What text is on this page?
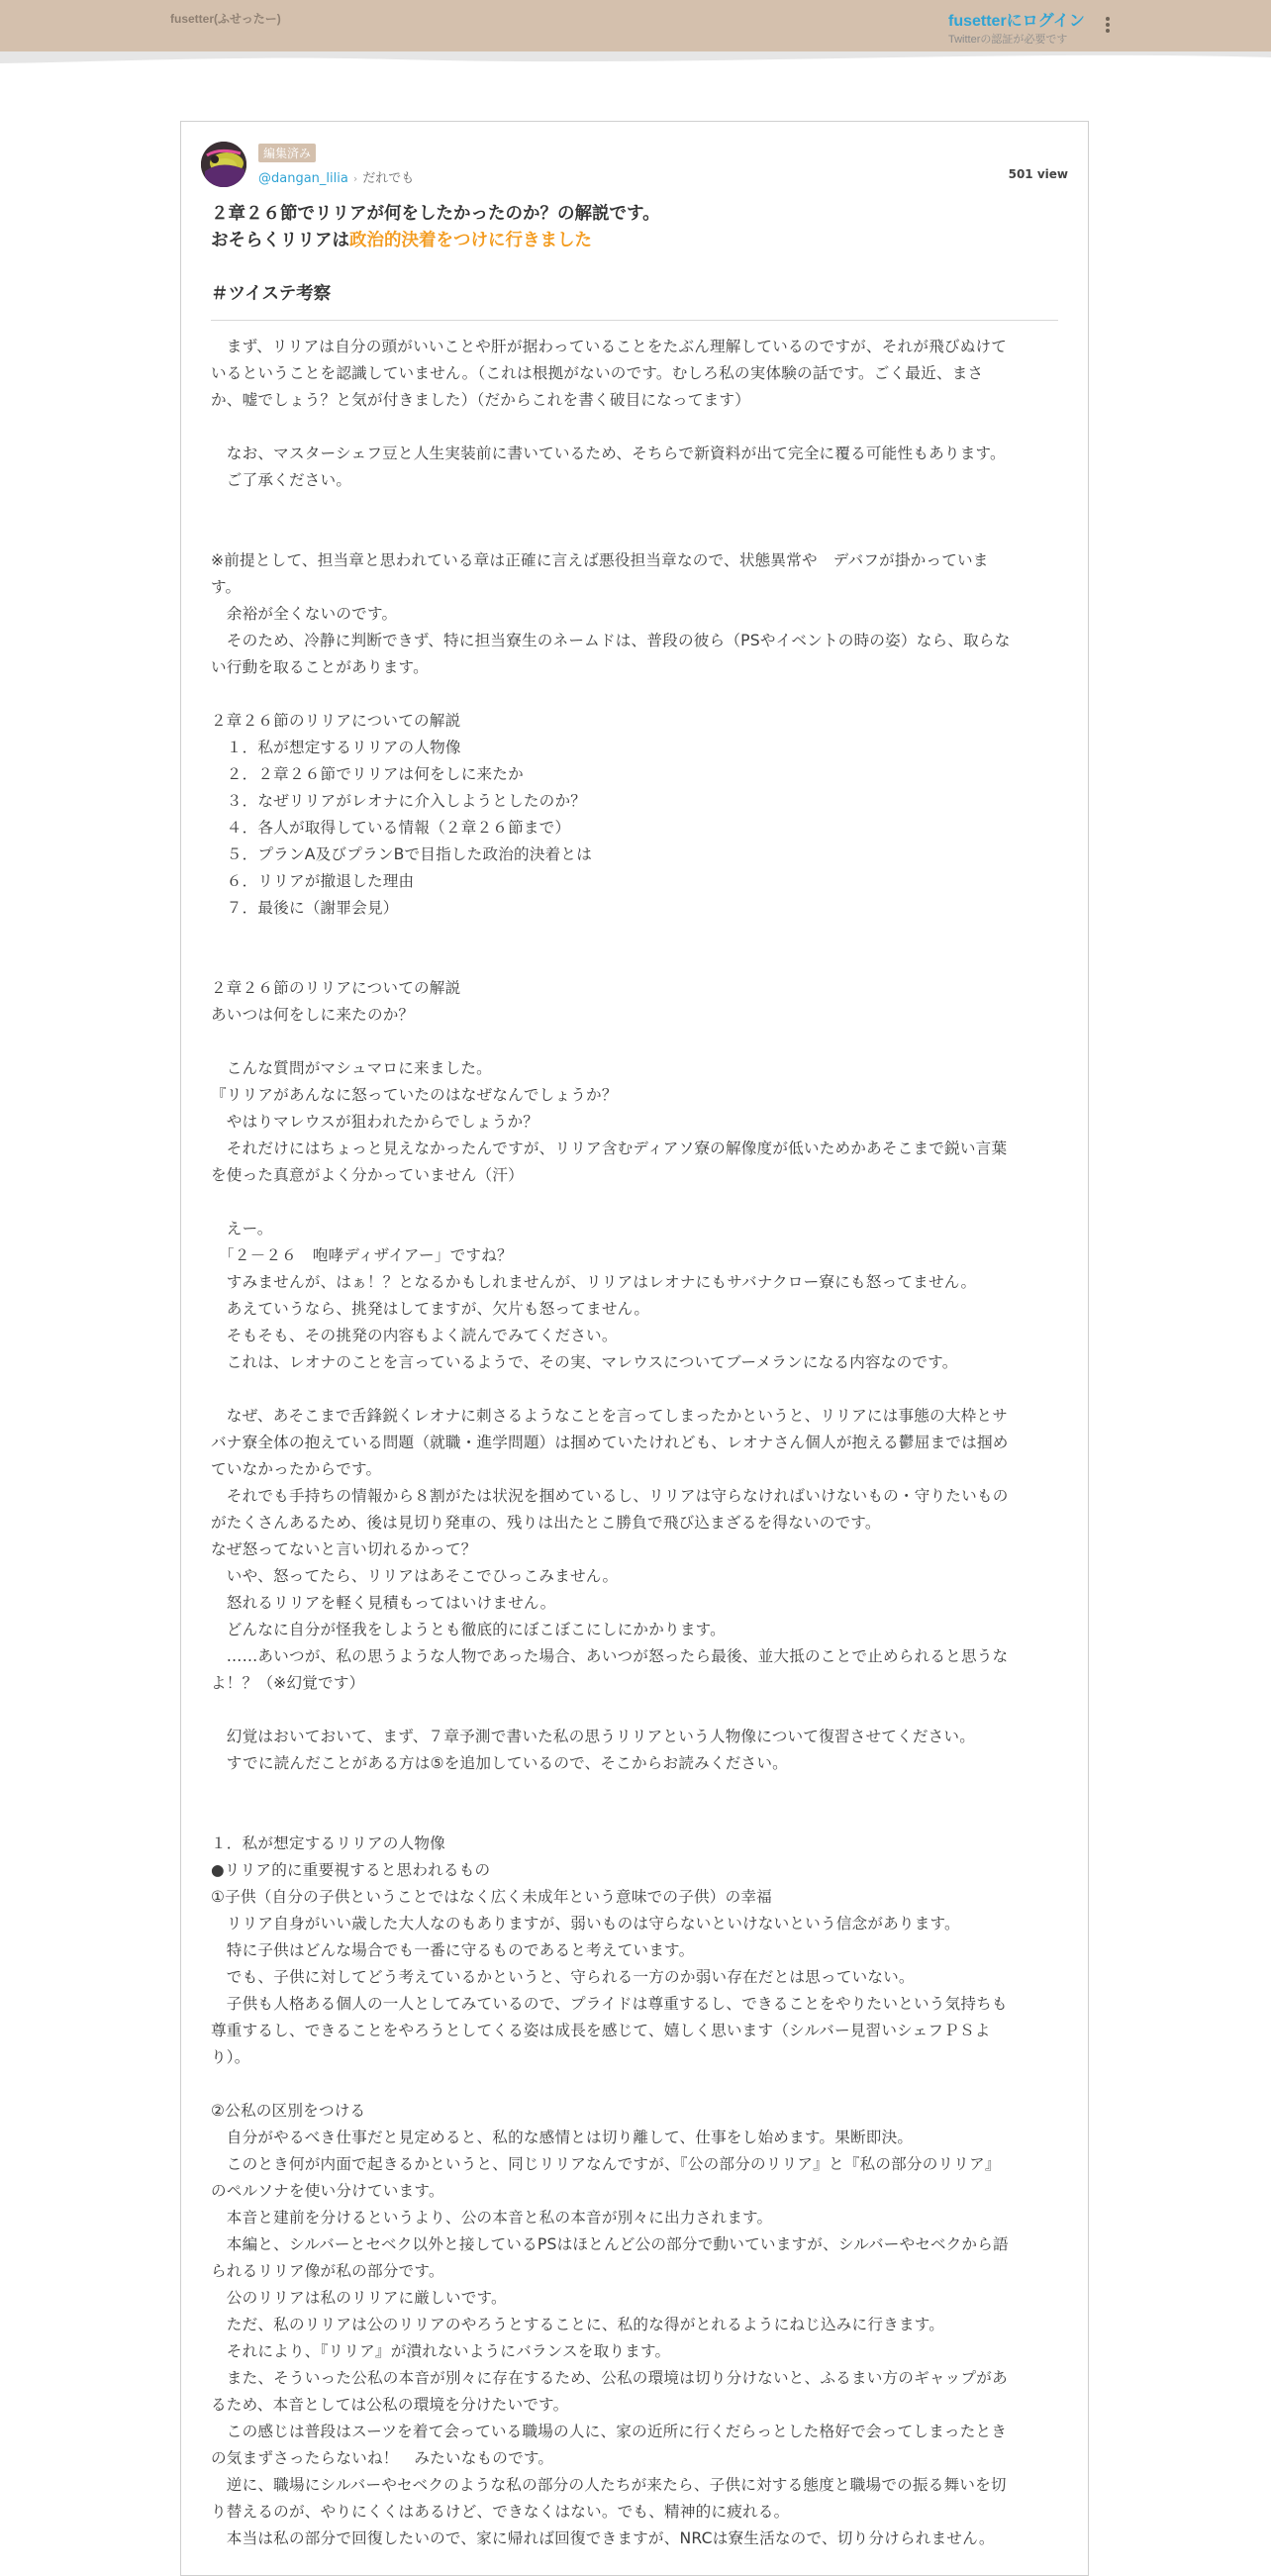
fusetter(ふせったー)	fusetterにログイン
Twitterの認証が必要です
編集済み
@dangan_lilia › だれでも	501 view
２章２６節でリリアが何をしたかったのか？の解説です。
おそらくリリアは政治的決着をつけに行きました
＃ツイステ考察
　まず、リリアは自分の頭がいいことや肝が据わっていることをたぶん理解しているのですが、それが飛びぬけて
いるということを認識していません。（これは根拠がないのです。むしろ私の実体験の話です。ごく最近、まさ
か、嘘でしょう？と気が付きました）（だからこれを書く破目になってます）
　なお、マスターシェフ豆と人生実装前に書いているため、そちらで新資料が出て完全に覆る可能性もあります。
　ご了承ください。
※前提として、担当章と思われている章は正確に言えば悪役担当章なので、状態異常や　デバフが掛かっていま
す。
　余裕が全くないのです。
　そのため、冷静に判断できず、特に担当寮生のネームドは、普段の彼ら（PSやイベントの時の姿）なら、取らな
い行動を取ることがあります。
２章２６節のリリアについての解説
　１．私が想定するリリアの人物像
　２．２章２６節でリリアは何をしに来たか
　３．なぜリリアがレオナに介入しようとしたのか？
　４．各人が取得している情報（２章２６節まで）
　５．プランA及びプランBで目指した政治的決着とは
　６．リリアが撤退した理由
　７．最後に（謝罪会見）
２章２６節のリリアについての解説
あいつは何をしに来たのか？
　こんな質問がマシュマロに来ました。
『リリアがあんなに怒っていたのはなぜなんでしょうか？
　やはりマレウスが狙われたからでしょうか？
　それだけにはちょっと見えなかったんですが、リリア含むディアソ寮の解像度が低いためかあそこまで鋭い言葉
を使った真意がよく分かっていません（汗）
　えー。
　「２－２６　咆哮ディザイアー」ですね？
　すみませんが、はぁ！？となるかもしれませんが、リリアはレオナにもサバナクロー寮にも怒ってません。
　あえていうなら、挑発はしてますが、欠片も怒ってません。
　そもそも、その挑発の内容もよく読んでみてください。
　これは、レオナのことを言っているようで、その実、マレウスについてブーメランになる内容なのです。
　なぜ、あそこまで舌鋒鋭くレオナに刺さるようなことを言ってしまったかというと、リリアには事態の大枠とサ
バナ寮全体の抱えている問題（就職・進学問題）は掴めていたけれども、レオナさん個人が抱える鬱屈までは掴め
ていなかったからです。
　それでも手持ちの情報から８割がたは状況を掴めているし、リリアは守らなければいけないもの・守りたいもの
がたくさんあるため、後は見切り発車の、残りは出たとこ勝負で飛び込まざるを得ないのです。
なぜ怒ってないと言い切れるかって？
　いや、怒ってたら、リリアはあそこでひっこみません。
　怒れるリリアを軽く見積もってはいけません。
　どんなに自分が怪我をしようとも徹底的にぼこぼこにしにかかります。
　……あいつが、私の思うような人物であった場合、あいつが怒ったら最後、並大抵のことで止められると思うな
よ！？（※幻覚です）
　幻覚はおいておいて、まず、７章予測で書いた私の思うリリアという人物像について復習させてください。
　すでに読んだことがある方は⑤を追加しているので、そこからお読みください。
１．私が想定するリリアの人物像
●リリア的に重要視すると思われるもの
①子供（自分の子供ということではなく広く未成年という意味での子供）の幸福
　リリア自身がいい歳した大人なのもありますが、弱いものは守らないといけないという信念があります。
　特に子供はどんな場合でも一番に守るものであると考えています。
　でも、子供に対してどう考えているかというと、守られる一方のか弱い存在だとは思っていない。
　子供も人格ある個人の一人としてみているので、プライドは尊重するし、できることをやりたいという気持ちも
尊重するし、できることをやろうとしてくる姿は成長を感じて、嬉しく思います（シルバー見習いシェフＰＳよ
り）。
②公私の区別をつける
　自分がやるべき仕事だと見定めると、私的な感情とは切り離して、仕事をし始めます。果断即決。
　このとき何が内面で起きるかというと、同じリリアなんですが、『公の部分のリリア』と『私の部分のリリア』
のペルソナを使い分けています。
　本音と建前を分けるというより、公の本音と私の本音が別々に出力されます。
　本編と、シルバーとセベク以外と接しているPSはほとんど公の部分で動いていますが、シルバーやセベクから語
られるリリア像が私の部分です。
　公のリリアは私のリリアに厳しいです。
　ただ、私のリリアは公のリリアのやろうとすることに、私的な得がとれるようにねじ込みに行きます。
　それにより、『リリア』が潰れないようにバランスを取ります。
　また、そういった公私の本音が別々に存在するため、公私の環境は切り分けないと、ふるまい方のギャップがあ
るため、本音としては公私の環境を分けたいです。
　この感じは普段はスーツを着て会っている職場の人に、家の近所に行くだらっとした格好で会ってしまったとき
の気まずさったらないね！　みたいなものです。
　逆に、職場にシルバーやセベクのような私の部分の人たちが来たら、子供に対する態度と職場での振る舞いを切
り替えるのが、やりにくくはあるけど、できなくはない。でも、精神的に疲れる。
　本当は私の部分で回復したいので、家に帰れば回復できますが、NRCは寮生活なので、切り分けられません。
